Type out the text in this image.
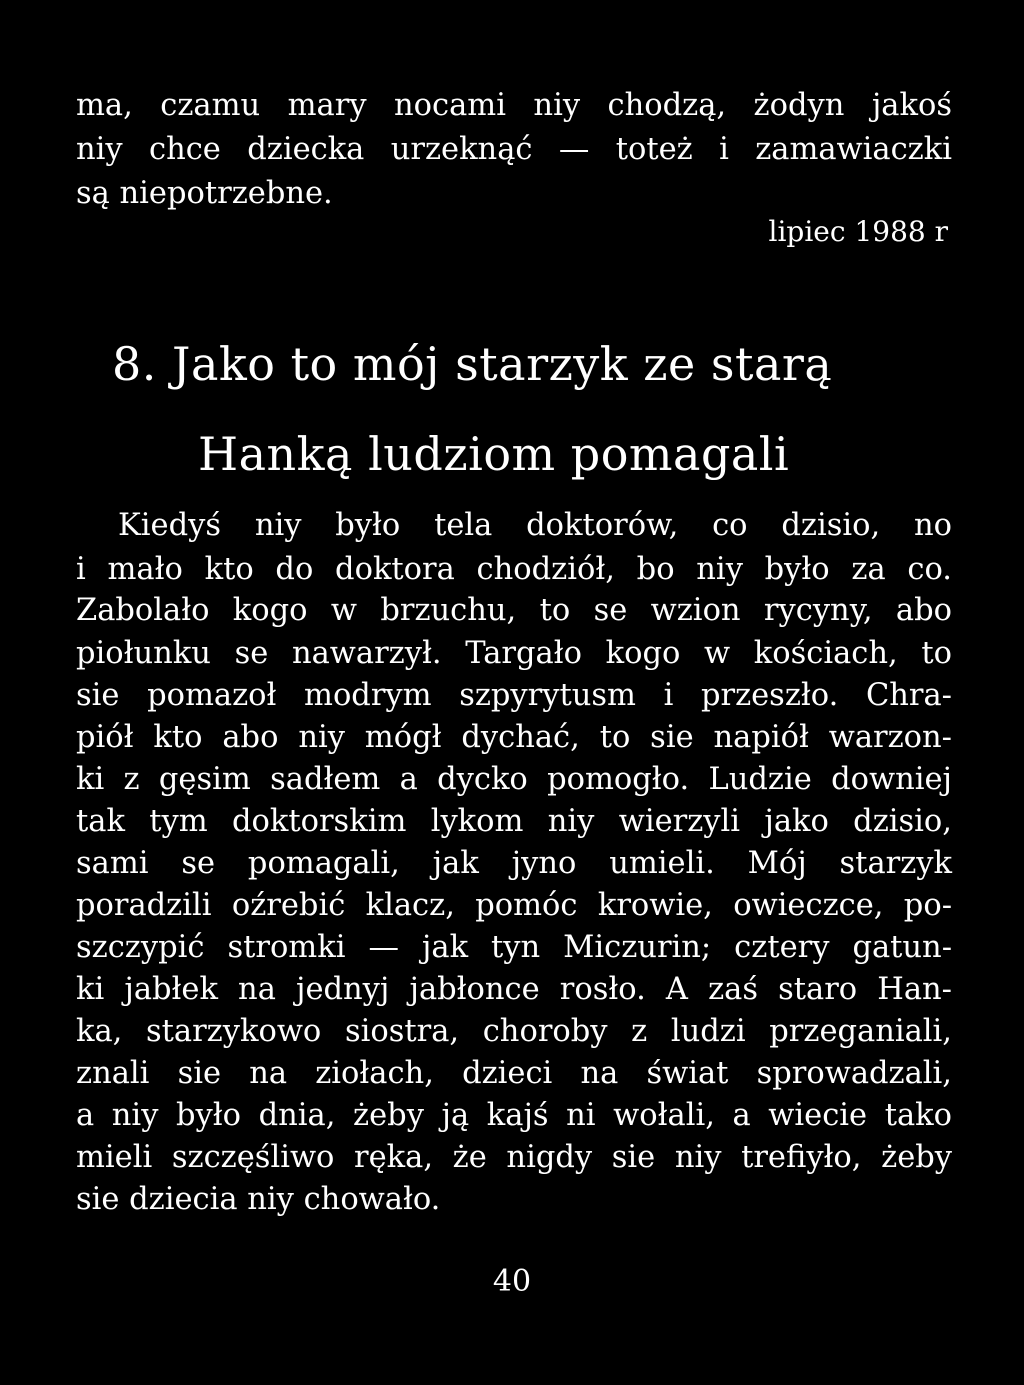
ma, czamu mary nocami niy chodzą, żodyn jakoś
niy chce dziecka urzeknąć — toteż i zamawiaczki
są niepotrzebne.
lipiec 1988 r
8. Jako to mój starzyk ze starą
Hanką ludziom pomagali
Kiedyś niy było tela doktorów, co dzisio, no
i mało kto do doktora chodziół, bo niy było za co.
Zabolało kogo w brzuchu, to se wzion rycyny, abo
piołunku se nawarzył. Targało kogo w kościach, to
sie pomazoł modrym szpyrytusm i przeszło. Chra-
piół kto abo niy mógł dychać, to sie napiół warzon-
ki z gęsim sadłem a dycko pomogło. Ludzie downiej
tak tym doktorskim lykom niy wierzyli jako dzisio,
sami se pomagali, jak jyno umieli. Mój starzyk
poradzili oźrebić klacz, pomóc krowie, owieczce, po-
szczypić stromki — jak tyn Miczurin; cztery gatun-
ki jabłek na jednyj jabłonce rosło. A zaś staro Han-
ka, starzykowo siostra, choroby z ludzi przeganiali,
znali sie na ziołach, dzieci na świat sprowadzali,
a niy było dnia, żeby ją kajś ni wołali, a wiecie tako
mieli szczęśliwo ręka, że nigdy sie niy trefiyło, żeby
sie dziecia niy chowało.
40
